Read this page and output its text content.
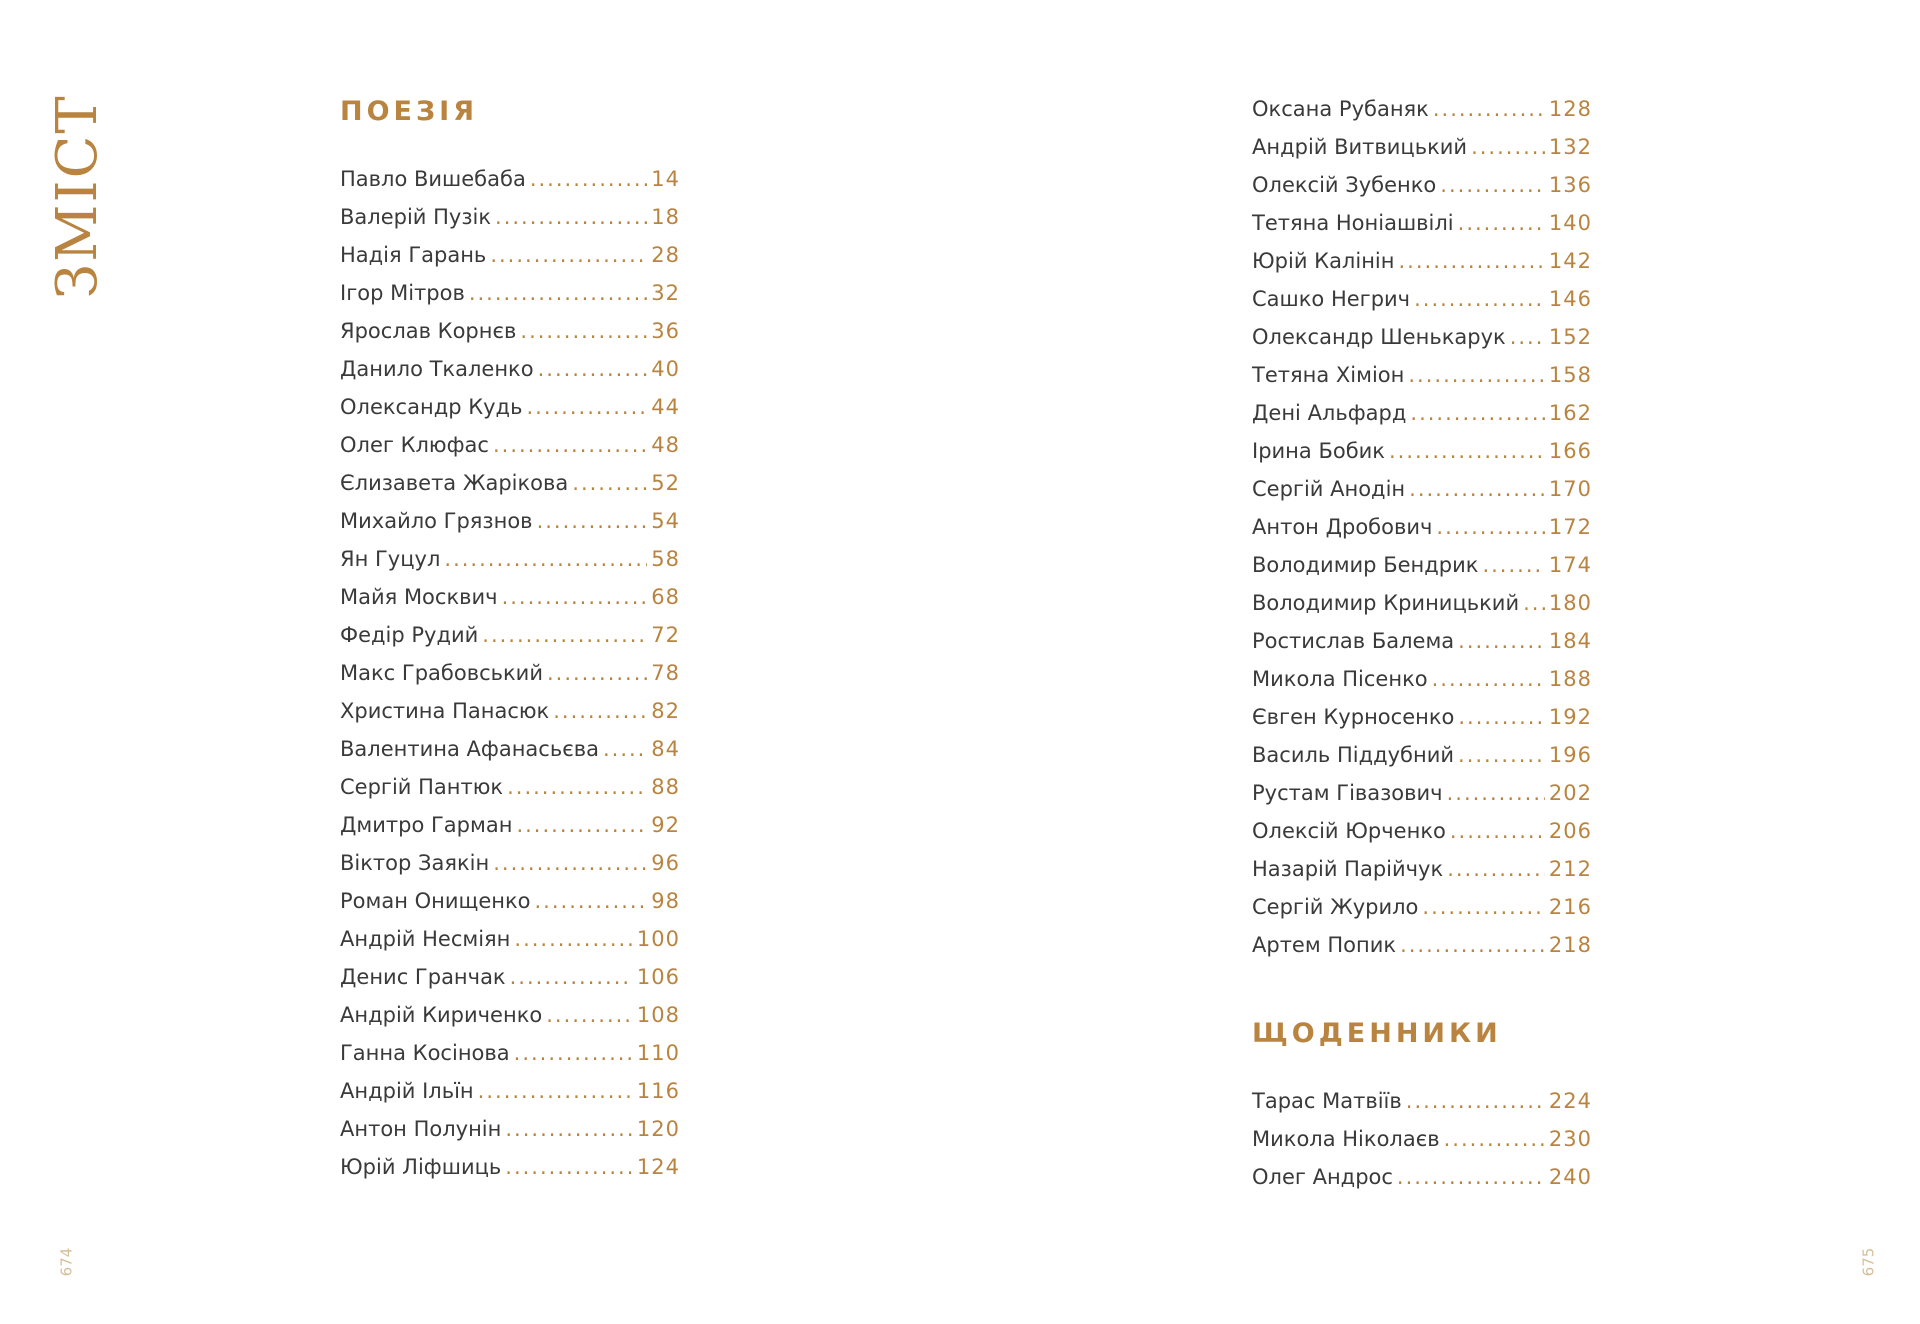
ЗМІСТ	ПОЕЗІЯ
Павло Вишебаба .....	14
Валерій Пузік .....	18
Надія Гарань .....	28
Ігор Мітров .....	32
Ярослав Корнєв .....	36
Данило Ткаленко .....	40
Олександр Кудь .....	44
Олег Клюфас .....	48
Єлизавета Жарікова .....	52
Михайло Грязнов .....	54
Ян Гуцул .....	58
Майя Москвич .....	68
Федір Рудий .....	72
Макс Грабовський .....	78
Христина Панасюк .....	82
Валентина Афанасьєва ..... 84
Сергій Пантюк .....	88
Дмитро Гарман .....	92
Віктор Заякін .....	96
Роман Онищенко .....	98
Андрій Несміян .....	100
Денис Гранчак .....	106
Андрій Кириченко .....	108
Ганна Косінова .....	110
Андрій Ільїн .....	116
Антон Полунін .....	120
Юрій Ліфшиць .....	124
Оксана Рубаняк .....	128
Андрій Витвицький .....	132
Олексій Зубенко .....	136
Тетяна Ноніашвілі .....	140
Юрій Калінін .....	142
Сашко Негрич .....	146
Олександр Шенькарук ..... 152
Тетяна Хіміон .....	158
Дені Альфард .....	162
Ірина Бобик .....	166
Сергій Анодін .....	170
Антон Дробович .....	172
Володимир Бендрик .....	174
Володимир Криницький ..... 180
Ростислав Балема .....	184
Микола Пісенко .....	188
Євген Курносенко .....	192
Василь Піддубний .....	196
Рустам Гівазович .....	202
Олексій Юрченко .....	206
Назарій Парійчук .....	212
Сергій Журило .....	216
Артем Попик .....	218
ЩОДЕННИКИ
Тарас Матвіїв .....	224
Микола Ніколаєв .....	230
Олег Андрос .....	240
674	675
